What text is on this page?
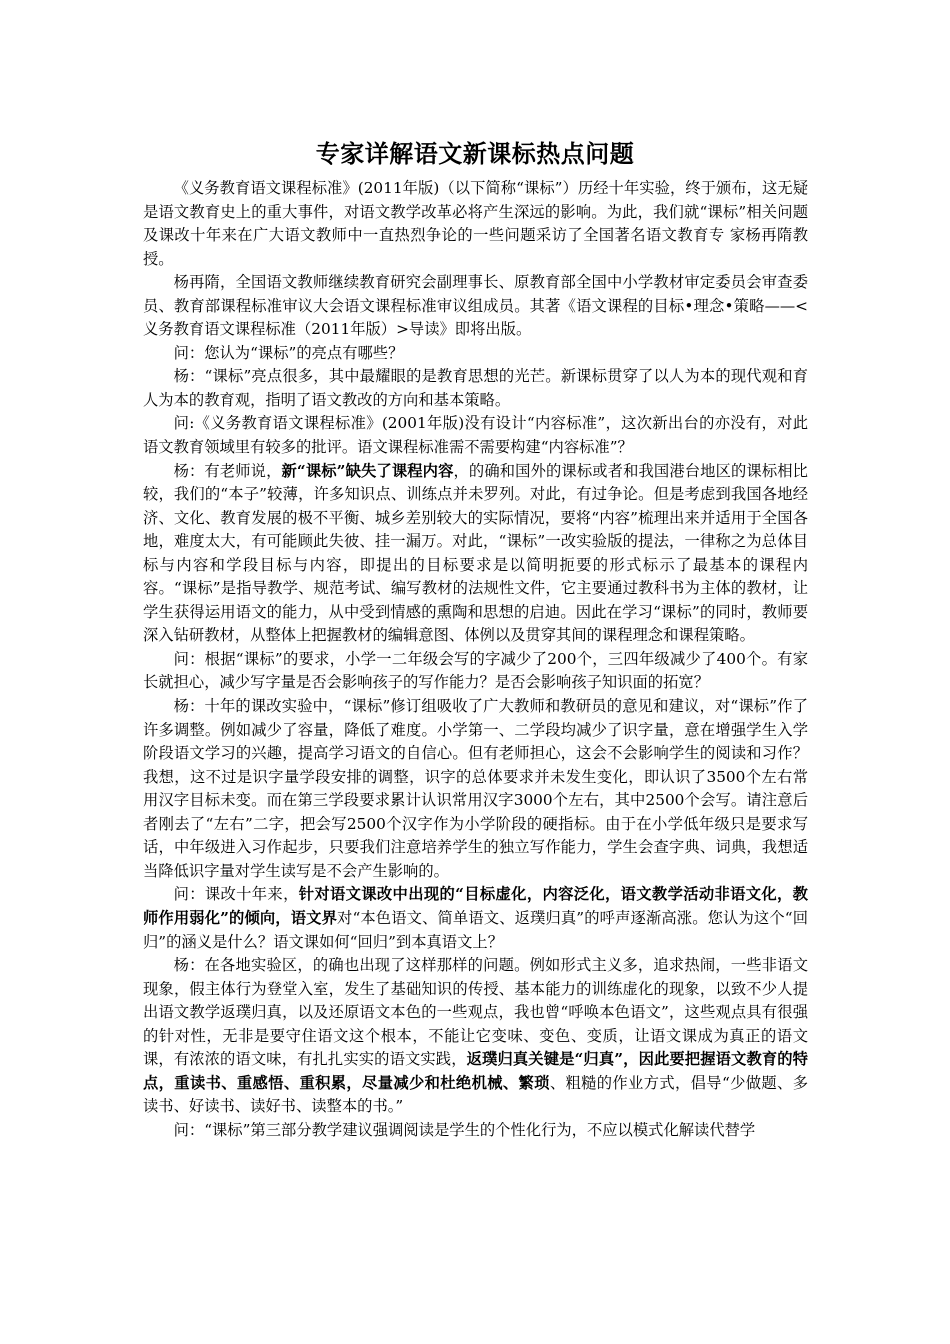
专家详解语文新课标热点问题

《义务教育语文课程标准》(2011年版)（以下简称“课标”）历经十年实验，终于颁布，这无疑是语文教育史上的重大事件，对语文教学改革必将产生深远的影响。为此，我们就“课标”相关问题及课改十年来在广大语文教师中一直热烈争论的一些问题采访了全国著名语文教育专 家杨再隋教授。

杨再隋，全国语文教师继续教育研究会副理事长、原教育部全国中小学教材审定委员会审查委员、教育部课程标准审议大会语文课程标准审议组成员。其著《语文课程的目标•理念•策略——<义务教育语文课程标准（2011年版）>导读》即将出版。

问：您认为“课标”的亮点有哪些？

杨：“课标”亮点很多，其中最耀眼的是教育思想的光芒。新课标贯穿了以人为本的现代观和育人为本的教育观，指明了语文教改的方向和基本策略。

问:《义务教育语文课程标准》(2001年版)没有设计“内容标准”，这次新出台的亦没有，对此语文教育领域里有较多的批评。语文课程标准需不需要构建“内容标准”？

杨：有老师说，新“课标”缺失了课程内容，的确和国外的课标或者和我国港台地区的课标相比较，我们的“本子”较薄，许多知识点、训练点并未罗列。对此，有过争论。但是考虑到我国各地经济、文化、教育发展的极不平衡、城乡差别较大的实际情况，要将“内容”梳理出来并适用于全国各地，难度太大，有可能顾此失彼、挂一漏万。对此，“课标”一改实验版的提法，一律称之为总体目标与内容和学段目标与内容，即提出的目标要求是以简明扼要的形式标示了最基本的课程内容。“课标”是指导教学、规范考试、编写教材的法规性文件，它主要通过教科书为主体的教材，让学生获得运用语文的能力，从中受到情感的熏陶和思想的启迪。因此在学习“课标”的同时，教师要深入钻研教材，从整体上把握教材的编辑意图、体例以及贯穿其间的课程理念和课程策略。

问：根据“课标”的要求，小学一二年级会写的字减少了200个，三四年级减少了400个。有家长就担心，减少写字量是否会影响孩子的写作能力？是否会影响孩子知识面的拓宽？

杨：十年的课改实验中，“课标”修订组吸收了广大教师和教研员的意见和建议，对“课标”作了许多调整。例如减少了容量，降低了难度。小学第一、二学段均减少了识字量，意在增强学生入学阶段语文学习的兴趣，提高学习语文的自信心。但有老师担心，这会不会影响学生的阅读和习作？我想，这不过是识字量学段安排的调整，识字的总体要求并未发生变化，即认识了3500个左右常用汉字目标未变。而在第三学段要求累计认识常用汉字3000个左右，其中2500个会写。请注意后者刚去了“左右”二字，把会写2500个汉字作为小学阶段的硬指标。由于在小学低年级只是要求写话，中年级进入习作起步，只要我们注意培养学生的独立写作能力，学生会查字典、词典，我想适当降低识字量对学生读写是不会产生影响的。

问：课改十年来，针对语文课改中出现的“目标虚化，内容泛化，语文教学活动非语文化，教师作用弱化”的倾向，语文界对“本色语文、简单语文、返璞归真”的呼声逐渐高涨。您认为这个“回归”的涵义是什么？语文课如何“回归”到本真语文上？

杨：在各地实验区，的确也出现了这样那样的问题。例如形式主义多，追求热闹，一些非语文现象，假主体行为登堂入室，发生了基础知识的传授、基本能力的训练虚化的现象，以致不少人提出语文教学返璞归真，以及还原语文本色的一些观点，我也曾“呼唤本色语文”，这些观点具有很强的针对性，无非是要守住语文这个根本，不能让它变味、变色、变质，让语文课成为真正的语文课，有浓浓的语文味，有扎扎实实的语文实践，返璞归真关键是“归真”，因此要把握语文教育的特点，重读书、重感悟、重积累，尽量减少和杜绝机械、繁琐、粗糙的作业方式，倡导“少做题、多读书、好读书、读好书、读整本的书。”

问：“课标”第三部分教学建议强调阅读是学生的个性化行为，不应以模式化解读代替学
